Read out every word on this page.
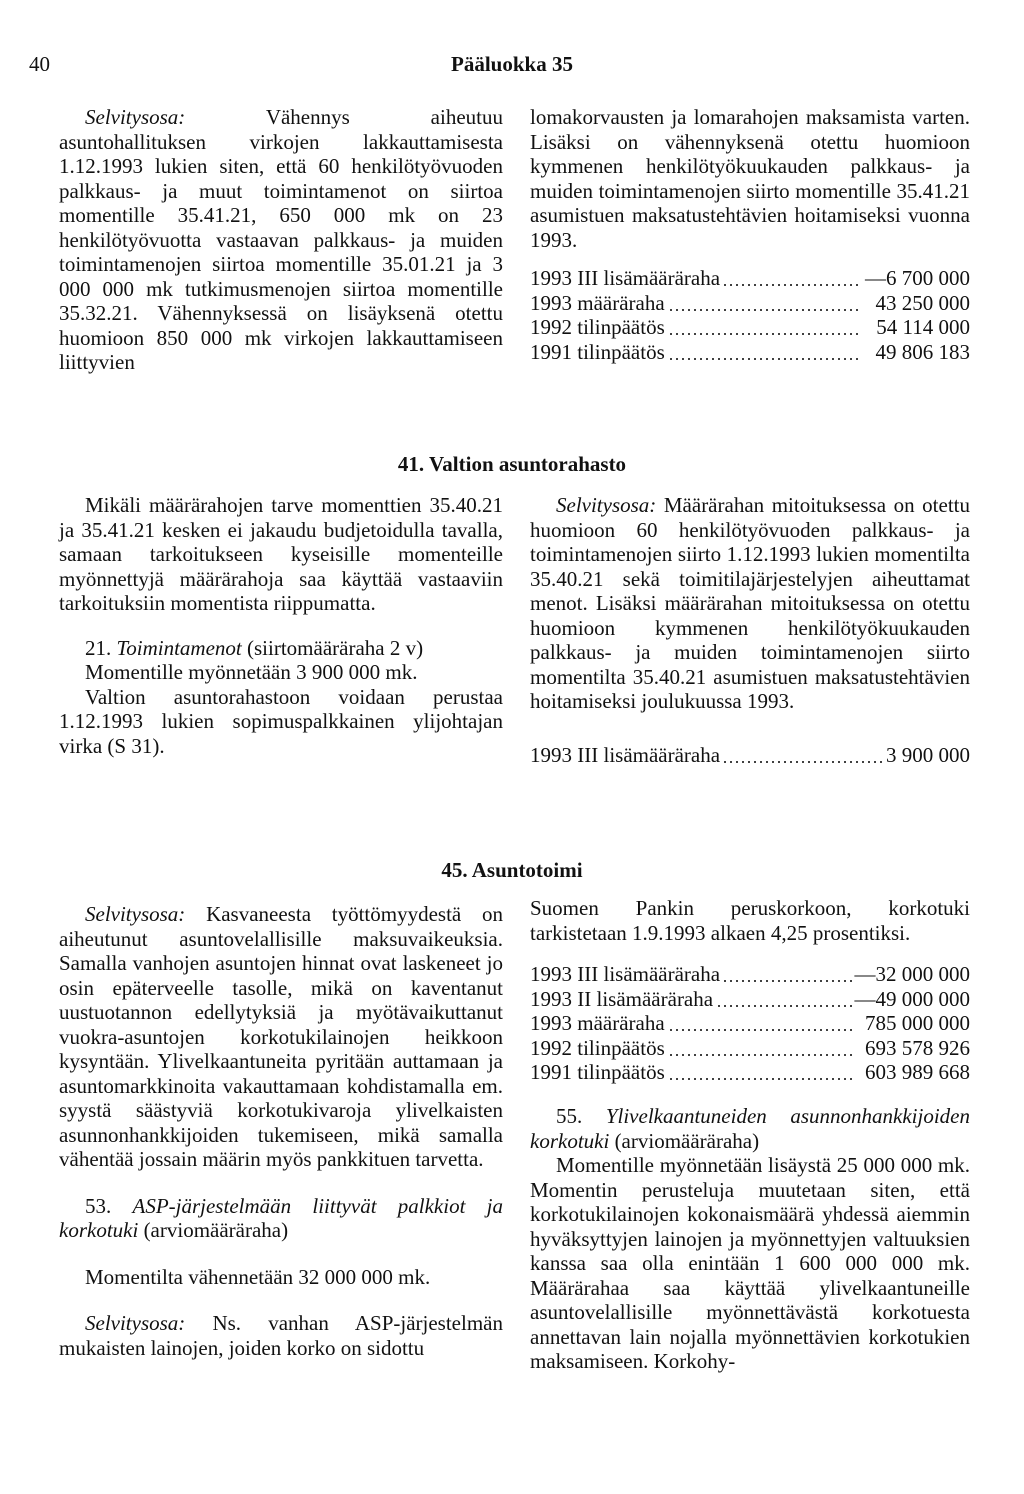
40	Pääluokka 35

Selvitysosa: Vähennys aiheutuu asuntohallituksen virkojen lakkauttamisesta 1.12.1993 lukien siten, että 60 henkilötyövuoden palkkaus- ja muut toimintamenot on siirtoa momentille 35.41.21, 650 000 mk on 23 henkilötyövuotta vastaavan palkkaus- ja muiden toimintamenojen siirtoa momentille 35.01.21 ja 3 000 000 mk tutkimusmenojen siirtoa momentille 35.32.21. Vähennyksessä on lisäyksenä otettu huomioon 850 000 mk virkojen lakkauttamiseen liittyvien

lomakorvausten ja lomarahojen maksamista varten. Lisäksi on vähennyksenä otettu huomioon kymmenen henkilötyökuukauden palkkaus- ja muiden toimintamenojen siirto momentille 35.41.21 asumistuen maksatustehtävien hoitamiseksi vuonna 1993.

1993 III lisämääräraha	—6 700 000
1993 määräraha	43 250 000
1992 tilinpäätös	54 114 000
1991 tilinpäätös	49 806 183
41. Valtion asuntorahasto

Mikäli määrärahojen tarve momenttien 35.40.21 ja 35.41.21 kesken ei jakaudu budjetoidulla tavalla, samaan tarkoitukseen kyseisille momenteille myönnettyjä määrärahoja saa käyttää vastaaviin tarkoituksiin momentista riippumatta.

21. Toimintamenot (siirtomääräraha 2 v)

Momentille myönnetään 3 900 000 mk.

Valtion asuntorahastoon voidaan perustaa 1.12.1993 lukien sopimuspalkkainen ylijohtajan virka (S 31).

Selvitysosa: Määrärahan mitoituksessa on otettu huomioon 60 henkilötyövuoden palkkaus- ja toimintamenojen siirto 1.12.1993 lukien momentilta 35.40.21 sekä toimitilajärjestelyjen aiheuttamat menot. Lisäksi määrärahan mitoituksessa on otettu huomioon kymmenen henkilötyökuukauden palkkaus- ja muiden toimintamenojen siirto momentilta 35.40.21 asumistuen maksatustehtävien hoitamiseksi joulukuussa 1993.

1993 III lisämääräraha	3 900 000
45. Asuntotoimi

Selvitysosa: Kasvaneesta työttömyydestä on aiheutunut asuntovelallisille maksuvaikeuksia. Samalla vanhojen asuntojen hinnat ovat laskeneet jo osin epäterveelle tasolle, mikä on kaventanut uustuotannon edellytyksiä ja myötävaikuttanut vuokra-asuntojen korkotukilainojen heikkoon kysyntään. Ylivelkaantuneita pyritään auttamaan ja asuntomarkkinoita vakauttamaan kohdistamalla em. syystä säästyviä korkotukivaroja ylivelkaisten asunnonhankkijoiden tukemiseen, mikä samalla vähentää jossain määrin myös pankkituen tarvetta.

53. ASP-järjestelmään liittyvät palkkiot ja korkotuki (arviomääräraha)

Momentilta vähennetään 32 000 000 mk.

Selvitysosa: Ns. vanhan ASP-järjestelmän mukaisten lainojen, joiden korko on sidottu

Suomen Pankin peruskorkoon, korkotuki tarkistetaan 1.9.1993 alkaen 4,25 prosentiksi.

1993 III lisämääräraha	—32 000 000
1993 II lisämääräraha	—49 000 000
1993 määräraha	785 000 000
1992 tilinpäätös	693 578 926
1991 tilinpäätös	603 989 668

55. Ylivelkaantuneiden asunnonhankkijoiden korkotuki (arviomääräraha)

Momentille myönnetään lisäystä 25 000 000 mk. Momentin perusteluja muutetaan siten, että korkotukilainojen kokonaismäärä yhdessä aiemmin hyväksyttyjen lainojen ja myönnettyjen valtuuksien kanssa saa olla enintään 1 600 000 000 mk. Määrärahaa saa käyttää ylivelkaantuneille asuntovelallisille myönnettävästä korkotuesta annettavan lain nojalla myönnettävien korkotukien maksamiseen. Korkohy-
